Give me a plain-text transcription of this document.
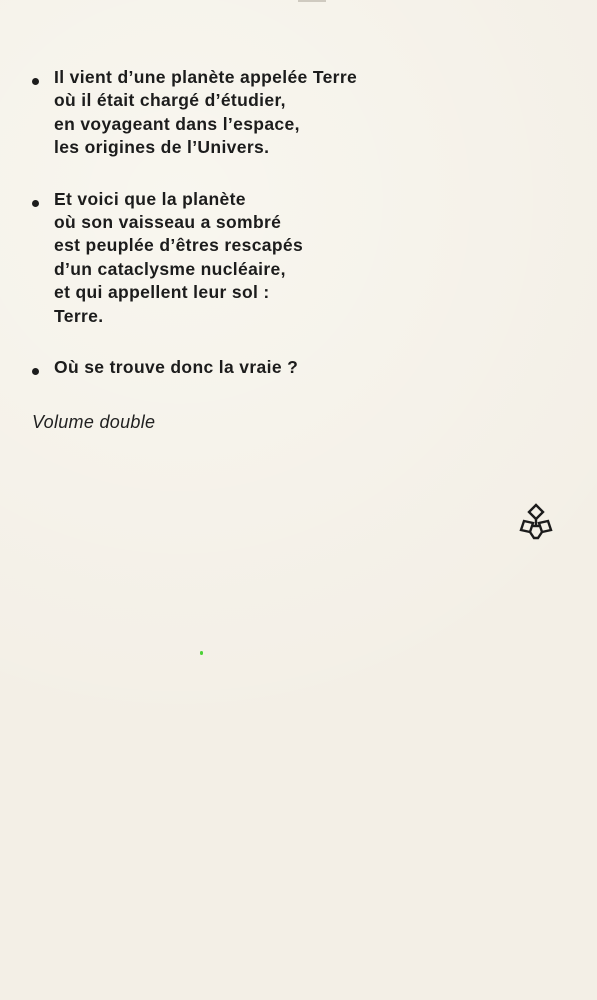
Il vient d’une planète appelée Terre
où il était chargé d’étudier,
en voyageant dans l’espace,
les origines de l’Univers.
Et voici que la planète
où son vaisseau a sombré
est peuplée d’êtres rescapés
d’un cataclysme nucléaire,
et qui appellent leur sol :
Terre.
Où se trouve donc la vraie ?
Volume double
